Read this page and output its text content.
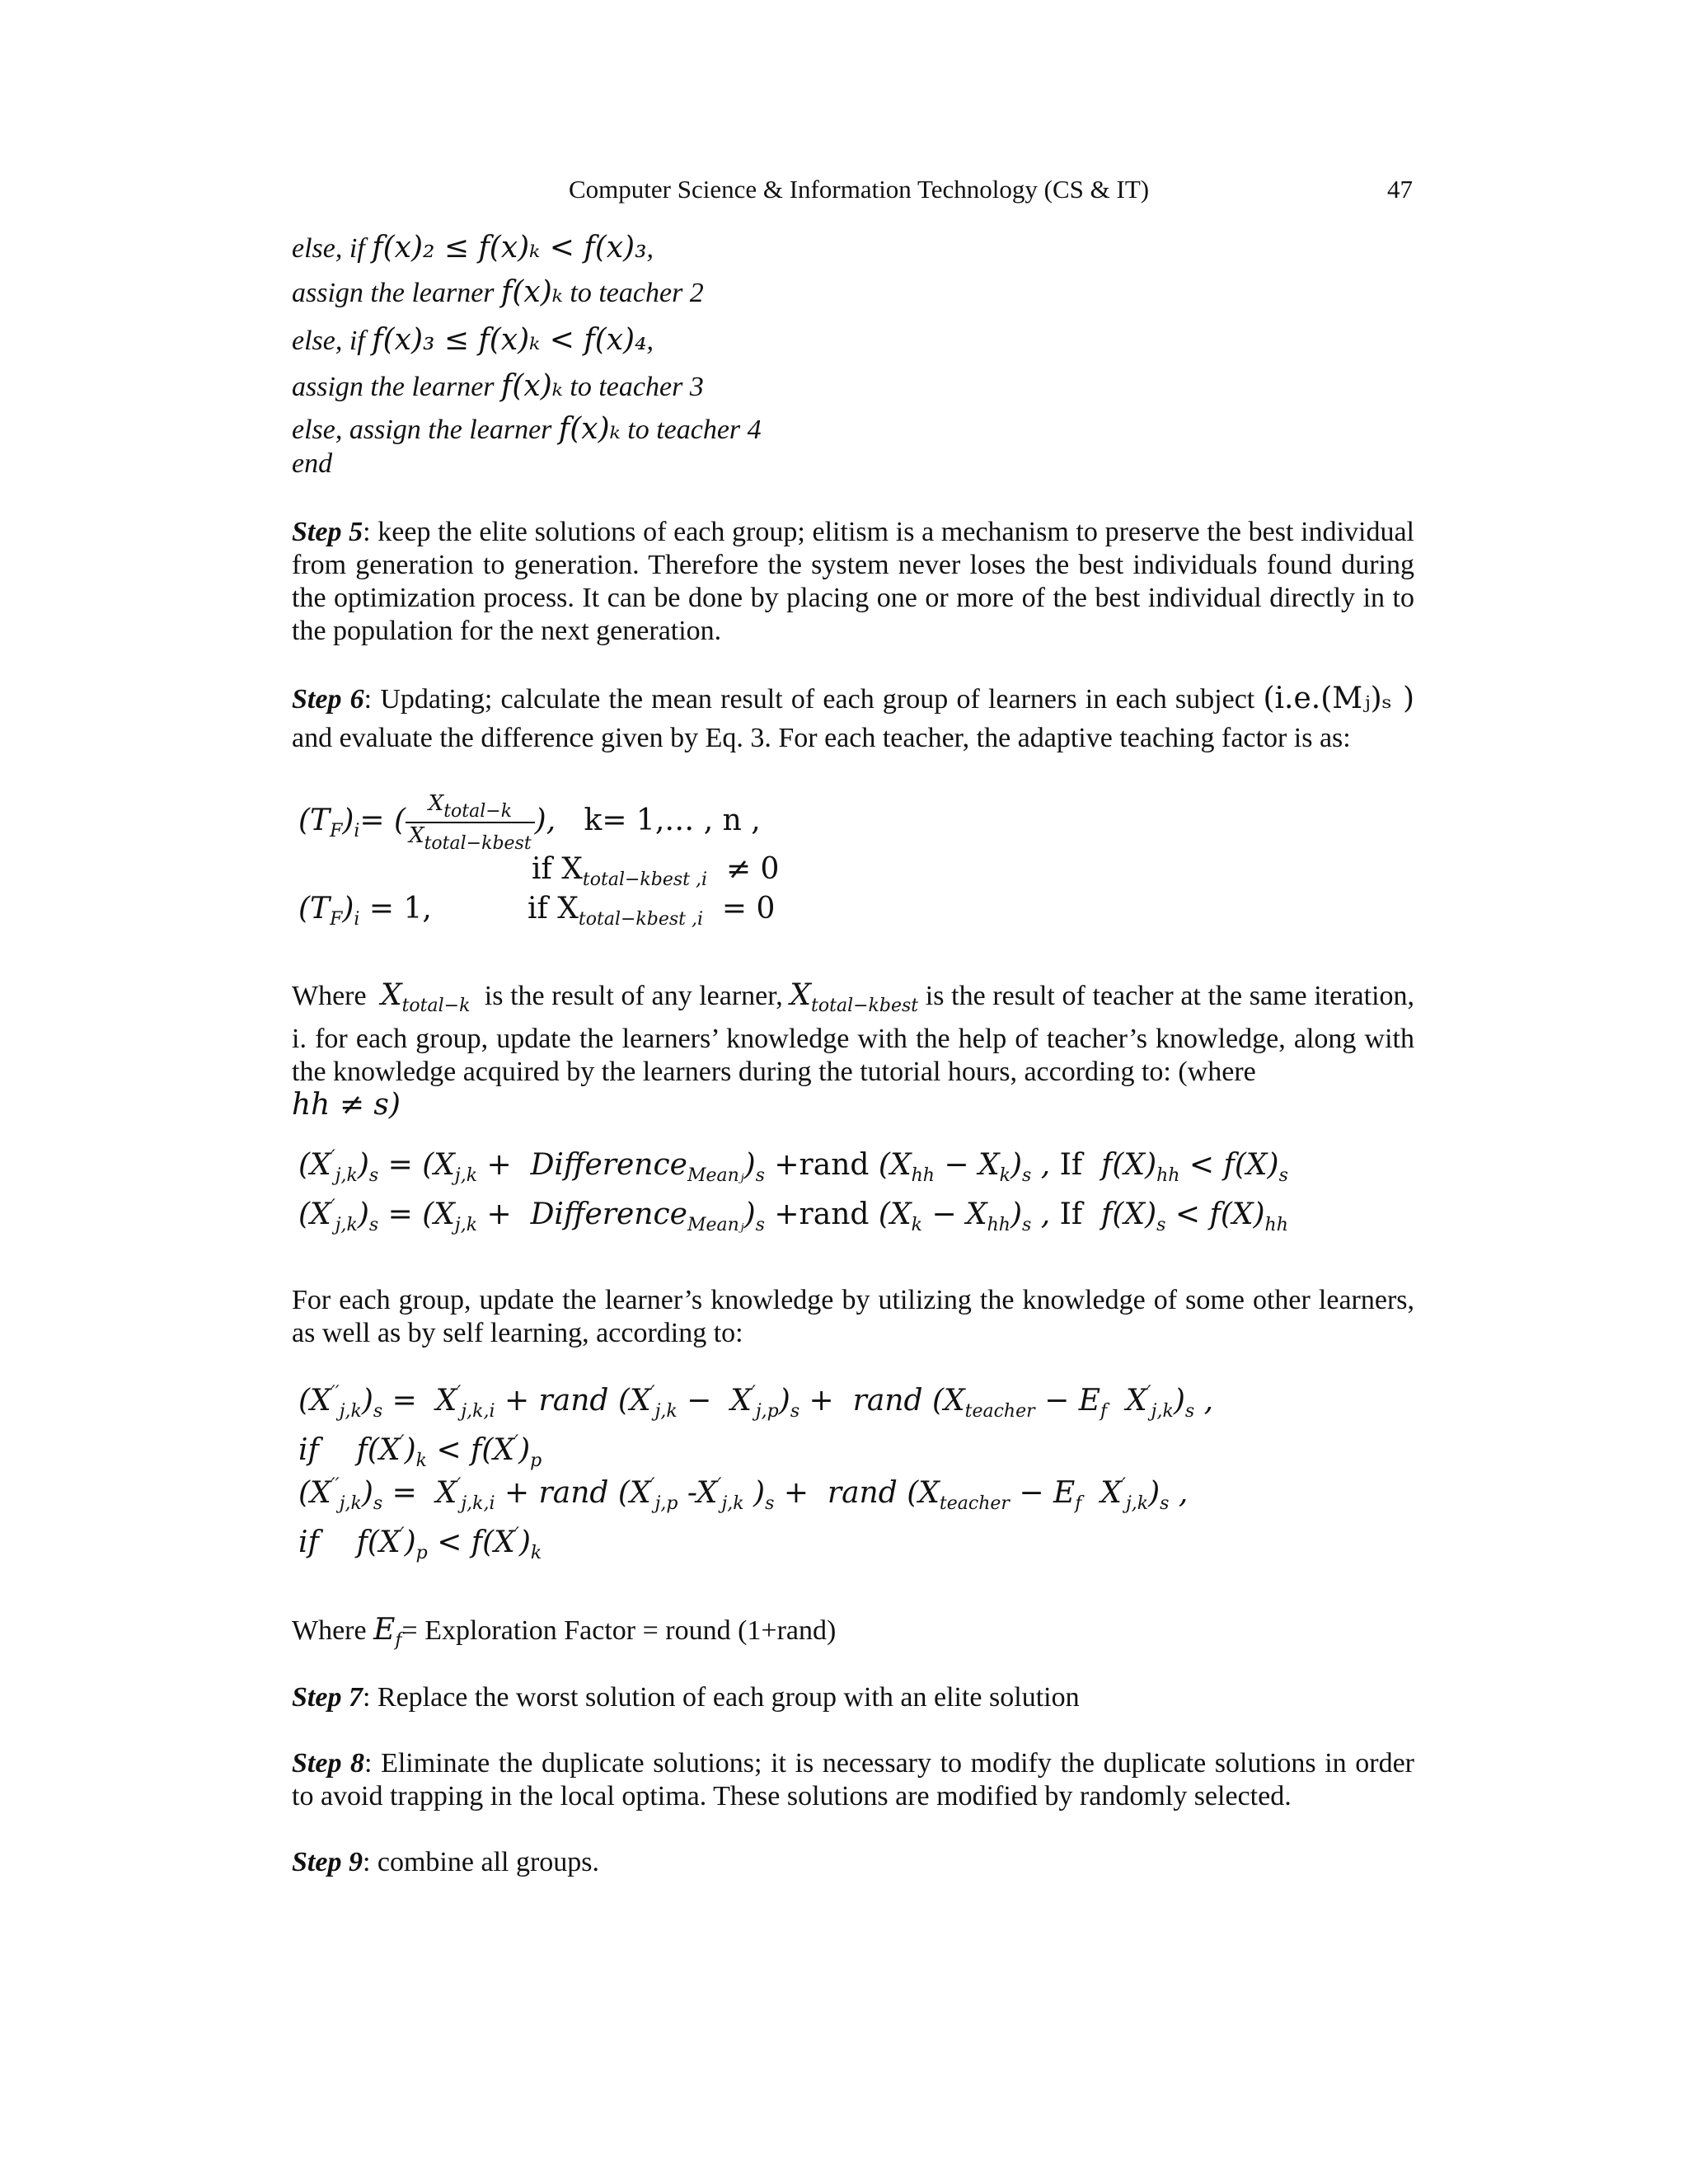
Computer Science & Information Technology (CS & IT)	47
else, if f(x)₂ ≤ f(x)ₖ < f(x)₃,
assign the learner f(x)ₖ to teacher 2
else, if f(x)₃ ≤ f(x)ₖ < f(x)₄,
assign the learner f(x)ₖ to teacher 3
else, assign the learner f(x)ₖ to teacher 4
end
Step 5: keep the elite solutions of each group; elitism is a mechanism to preserve the best individual from generation to generation. Therefore the system never loses the best individuals found during the optimization process. It can be done by placing one or more of the best individual directly in to the population for the next generation.
Step 6: Updating; calculate the mean result of each group of learners in each subject (i.e.(Mⱼ)ₛ )
and evaluate the difference given by Eq. 3. For each teacher, the adaptive teaching factor is as:
$(T_F)_i=$ ( $\frac{X_{total-k}}{X_{total-kbest}}$ ),   k= 1,… , n ,
if $X_{total-kbest ,i} \ne 0$
$(T_F)_i = 1$,	if $X_{total-kbest ,i} = 0$
Where $X_{total-k}$ is the result of any learner, $X_{total-kbest}$ is the result of teacher at the same iteration, i. for each group, update the learners’ knowledge with the help of teacher’s knowledge, along with the knowledge acquired by the learners during the tutorial hours, according to: (where
hh ≠ s)
$(X'_{j,k})_s = (X_{j,k}$ +  $Difference_{Meanⱼ})_s$ +rand $(X_{hh} - X_k)_s$ , If  $f(X)_{hh} < f(X)_s$
$(X'_{j,k})_s = (X_{j,k}$ +  $Difference_{Meanⱼ})_s$ +rand $(X_k - X_{hh})_s$ , If  $f(X)_s < f(X)_{hh}$
For each group, update the learner’s knowledge by utilizing the knowledge of some other learners, as well as by self learning, according to:
$(X''_{j,k})_s = X'_{j,k,i}$ + rand $(X'_{j,k} - X'_{j,p})_s$ +  rand ($X_{teacher} - E_f$  $X'_{j,k})_s$ ,
if    $f(X')_k < f(X')_p$
$(X''_{j,k})_s = X'_{j,k,i}$ + rand ($X'_{j,p}$ $-X'_{j,k}$ )$_s$ +  rand ($X_{teacher} - E_f$  $X'_{j,k})_s$ ,
if    $f(X')_p < f(X')_k$
Where $E_f=$ Exploration Factor = round (1+rand)
Step 7: Replace the worst solution of each group with an elite solution
Step 8: Eliminate the duplicate solutions; it is necessary to modify the duplicate solutions in order to avoid trapping in the local optima. These solutions are modified by randomly selected.
Step 9: combine all groups.
